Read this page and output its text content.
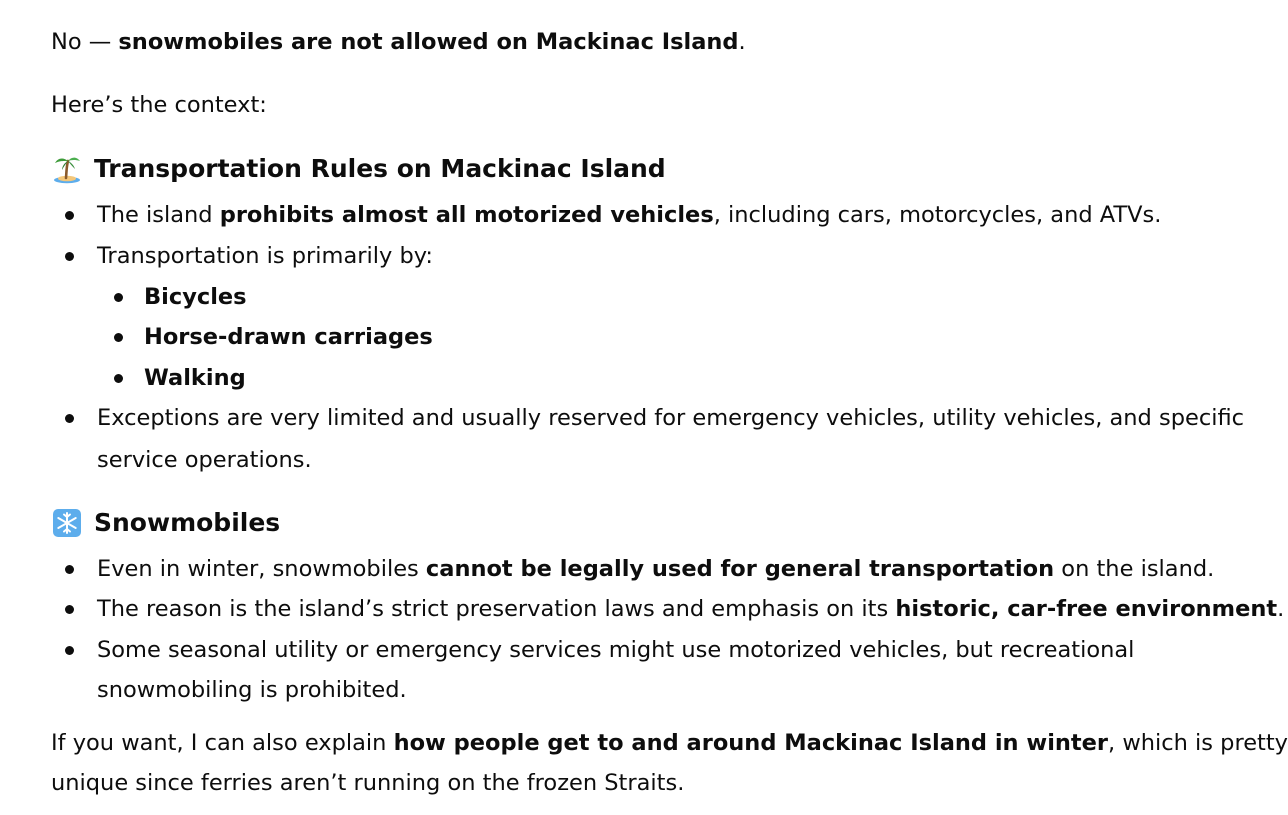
No — snowmobiles are not allowed on Mackinac Island.

Here’s the context:

Transportation Rules on Mackinac Island
The island prohibits almost all motorized vehicles, including cars, motorcycles, and ATVs.
Transportation is primarily by:
Bicycles
Horse-drawn carriages
Walking
Exceptions are very limited and usually reserved for emergency vehicles, utility vehicles, and specific
service operations.
Snowmobiles
Even in winter, snowmobiles cannot be legally used for general transportation on the island.
The reason is the island’s strict preservation laws and emphasis on its historic, car-free environment.
Some seasonal utility or emergency services might use motorized vehicles, but recreational
snowmobiling is prohibited.

If you want, I can also explain how people get to and around Mackinac Island in winter, which is pretty

unique since ferries aren’t running on the frozen Straits.
